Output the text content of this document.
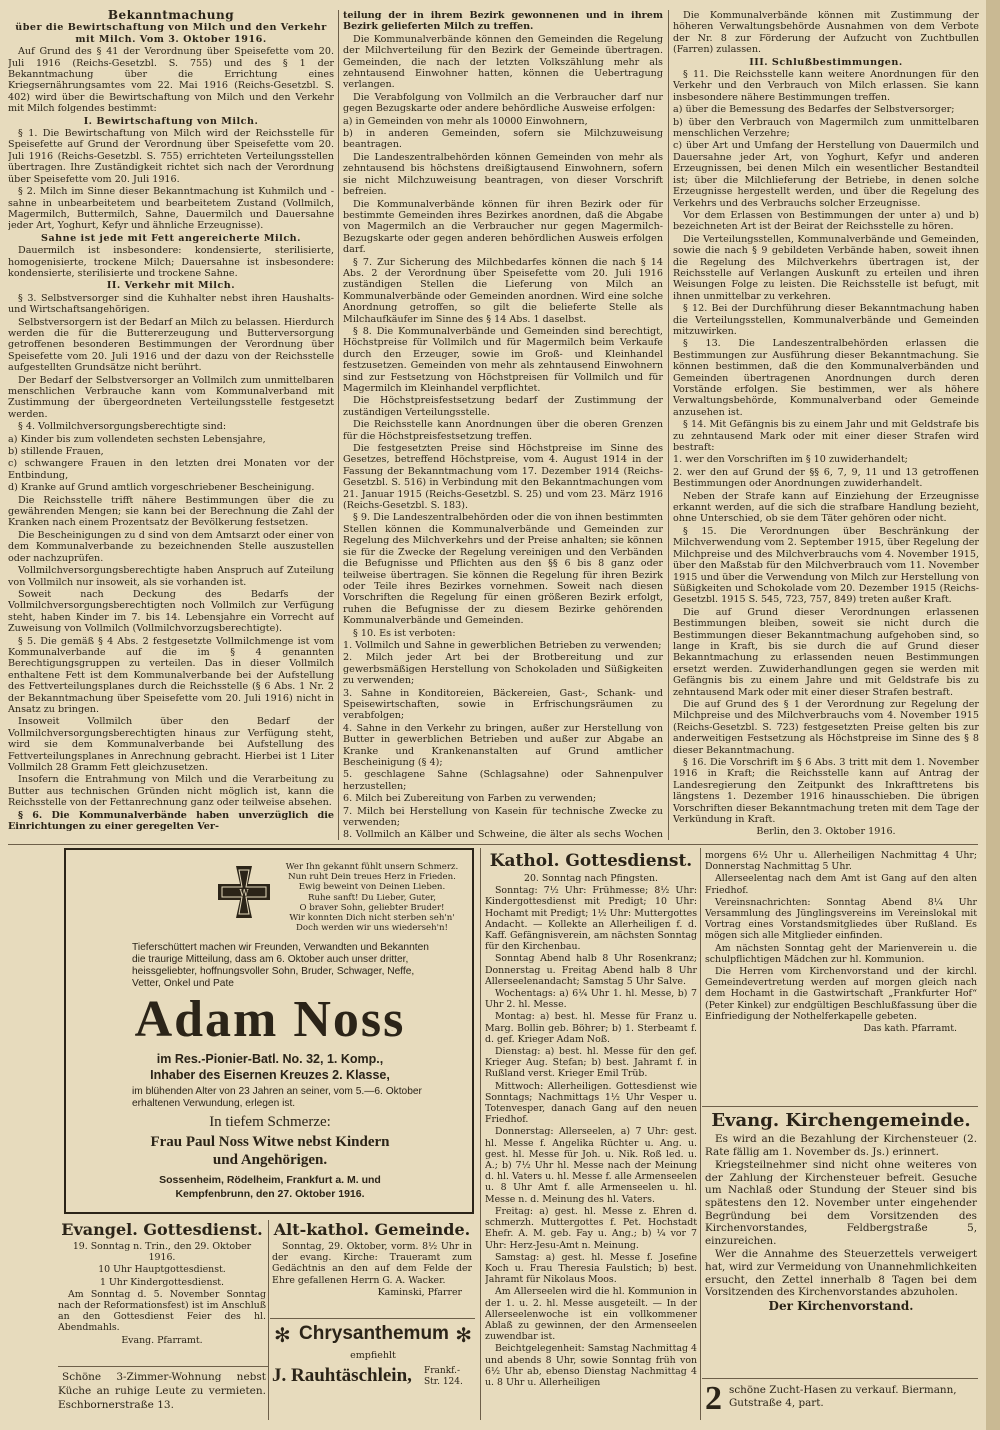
Bekanntmachung

über die Bewirtschaftung von Milch und den Verkehr mit Milch. Vom 3. Oktober 1916.

Auf Grund des § 41 der Verordnung über Speisefette vom 20. Juli 1916 (Reichs-Gesetzbl. S. 755) und des § 1 der Bekanntmachung über die Errichtung eines Kriegsernährungsamtes vom 22. Mai 1916 (Reichs-Gesetzbl. S. 402) wird über die Bewirtschaftung von Milch und den Verkehr mit Milch folgendes bestimmt:

I. Bewirtschaftung von Milch.

§ 1. Die Bewirtschaftung von Milch wird der Reichsstelle für Speisefette auf Grund der Verordnung über Speisefette vom 20. Juli 1916 (Reichs-Gesetzbl. S. 755) errichteten Verteilungsstellen übertragen. Ihre Zuständigkeit richtet sich nach der Verordnung über Speisefette vom 20. Juli 1916.

§ 2. Milch im Sinne dieser Bekanntmachung ist Kuhmilch und -sahne in unbearbeitetem und bearbeitetem Zustand (Vollmilch, Magermilch, Buttermilch, Sahne, Dauermilch und Dauersahne jeder Art, Yoghurt, Kefyr und ähnliche Erzeugnisse).

Sahne ist jede mit Fett angereicherte Milch.

Dauermilch ist insbesondere: kondensierte, sterilisierte, homogenisierte, trockene Milch; Dauersahne ist insbesondere: kondensierte, sterilisierte und trockene Sahne.

II. Verkehr mit Milch.

§ 3. Selbstversorger sind die Kuhhalter nebst ihren Haushalts- und Wirtschaftsangehörigen.

Selbstversorgern ist der Bedarf an Milch zu belassen. Hierdurch werden die für die Buttererzeugung und Butterversorgung getroffenen besonderen Bestimmungen der Verordnung über Speisefette vom 20. Juli 1916 und der dazu von der Reichsstelle aufgestellten Grundsätze nicht berührt.

Der Bedarf der Selbstversorger an Vollmilch zum unmittelbaren menschlichen Verbrauche kann vom Kommunalverband mit Zustimmung der übergeordneten Verteilungsstelle festgesetzt werden.

§ 4. Vollmilchversorgungsberechtigte sind:

a) Kinder bis zum vollendeten sechsten Lebensjahre,

b) stillende Frauen,

c) schwangere Frauen in den letzten drei Monaten vor der Entbindung,

d) Kranke auf Grund amtlich vorgeschriebener Bescheinigung.

Die Reichsstelle trifft nähere Bestimmungen über die zu gewährenden Mengen; sie kann bei der Berechnung die Zahl der Kranken nach einem Prozentsatz der Bevölkerung festsetzen.

Die Bescheinigungen zu d sind von dem Amtsarzt oder einer von dem Kommunalverbande zu bezeichnenden Stelle auszustellen oder nachzuprüfen.

Vollmilchversorgungsberechtigte haben Anspruch auf Zuteilung von Vollmilch nur insoweit, als sie vorhanden ist.

Soweit nach Deckung des Bedarfs der Vollmilchversorgungsberechtigten noch Vollmilch zur Verfügung steht, haben Kinder im 7. bis 14. Lebensjahre ein Vorrecht auf Zuweisung von Vollmilch (Vollmilchvorzugsberechtigte).

§ 5. Die gemäß § 4 Abs. 2 festgesetzte Vollmilchmenge ist vom Kommunalverbande auf die im § 4 genannten Berechtigungsgruppen zu verteilen. Das in dieser Vollmilch enthaltene Fett ist dem Kommunalverbande bei der Aufstellung des Fettverteilungsplanes durch die Reichsstelle (§ 6 Abs. 1 Nr. 2 der Bekanntmachung über Speisefette vom 20. Juli 1916) nicht in Ansatz zu bringen.

Insoweit Vollmilch über den Bedarf der Vollmilchversorgungsberechtigten hinaus zur Verfügung steht, wird sie dem Kommunalverbande bei Aufstellung des Fettverteilungsplanes in Anrechnung gebracht. Hierbei ist 1 Liter Vollmilch 28 Gramm Fett gleichzusetzen.

Insofern die Entrahmung von Milch und die Verarbeitung zu Butter aus technischen Gründen nicht möglich ist, kann die Reichsstelle von der Fettanrechnung ganz oder teilweise absehen.

§ 6. Die Kommunalverbände haben unverzüglich die Einrichtungen zu einer geregelten Ver-

teilung der in ihrem Bezirk gewonnenen und in ihrem Bezirk gelieferten Milch zu treffen.

Die Kommunalverbände können den Gemeinden die Regelung der Milchverteilung für den Bezirk der Gemeinde übertragen. Gemeinden, die nach der letzten Volkszählung mehr als zehntausend Einwohner hatten, können die Uebertragung verlangen.

Die Verabfolgung von Vollmilch an die Verbraucher darf nur gegen Bezugskarte oder andere behördliche Ausweise erfolgen:

a) in Gemeinden von mehr als 10000 Einwohnern,

b) in anderen Gemeinden, sofern sie Milchzuweisung beantragen.

Die Landeszentralbehörden können Gemeinden von mehr als zehntausend bis höchstens dreißigtausend Einwohnern, sofern sie nicht Milchzuweisung beantragen, von dieser Vorschrift befreien.

Die Kommunalverbände können für ihren Bezirk oder für bestimmte Gemeinden ihres Bezirkes anordnen, daß die Abgabe von Magermilch an die Verbraucher nur gegen Magermilch-Bezugskarte oder gegen anderen behördlichen Ausweis erfolgen darf.

§ 7. Zur Sicherung des Milchbedarfes können die nach § 14 Abs. 2 der Verordnung über Speisefette vom 20. Juli 1916 zuständigen Stellen die Lieferung von Milch an Kommunalverbände oder Gemeinden anordnen. Wird eine solche Anordnung getroffen, so gilt die belieferte Stelle als Milchaufkäufer im Sinne des § 14 Abs. 1 daselbst.

§ 8. Die Kommunalverbände und Gemeinden sind berechtigt, Höchstpreise für Vollmilch und für Magermilch beim Verkaufe durch den Erzeuger, sowie im Groß- und Kleinhandel festzusetzen. Gemeinden von mehr als zehntausend Einwohnern sind zur Festsetzung von Höchstpreisen für Vollmilch und für Magermilch im Kleinhandel verpflichtet.

Die Höchstpreisfestsetzung bedarf der Zustimmung der zuständigen Verteilungsstelle.

Die Reichsstelle kann Anordnungen über die oberen Grenzen für die Höchstpreisfestsetzung treffen.

Die festgesetzten Preise sind Höchstpreise im Sinne des Gesetzes, betreffend Höchstpreise, vom 4. August 1914 in der Fassung der Bekanntmachung vom 17. Dezember 1914 (Reichs-Gesetzbl. S. 516) in Verbindung mit den Bekanntmachungen vom 21. Januar 1915 (Reichs-Gesetzbl. S. 25) und vom 23. März 1916 (Reichs-Gesetzbl. S. 183).

§ 9. Die Landeszentralbehörden oder die von ihnen bestimmten Stellen können die Kommunalverbände und Gemeinden zur Regelung des Milchverkehrs und der Preise anhalten; sie können sie für die Zwecke der Regelung vereinigen und den Verbänden die Befugnisse und Pflichten aus den §§ 6 bis 8 ganz oder teilweise übertragen. Sie können die Regelung für ihren Bezirk oder Teile ihres Bezirkes vornehmen. Soweit nach diesen Vorschriften die Regelung für einen größeren Bezirk erfolgt, ruhen die Befugnisse der zu diesem Bezirke gehörenden Kommunalverbände und Gemeinden.

§ 10. Es ist verboten:

1. Vollmilch und Sahne in gewerblichen Betrieben zu verwenden;

2. Milch jeder Art bei der Brotbereitung und zur gewerbsmäßigen Herstellung von Schokoladen und Süßigkeiten zu verwenden;

3. Sahne in Konditoreien, Bäckereien, Gast-, Schank- und Speisewirtschaften, sowie in Erfrischungsräumen zu verabfolgen;

4. Sahne in den Verkehr zu bringen, außer zur Herstellung von Butter in gewerblichen Betrieben und außer zur Abgabe an Kranke und Krankenanstalten auf Grund amtlicher Bescheinigung (§ 4);

5. geschlagene Sahne (Schlagsahne) oder Sahnenpulver herzustellen;

6. Milch bei Zubereitung von Farben zu verwenden;

7. Milch bei Herstellung von Kasein für technische Zwecke zu verwenden;

8. Vollmilch an Kälber und Schweine, die älter als sechs Wochen

Die Kommunalverbände können mit Zustimmung der höheren Verwaltungsbehörde Ausnahmen von dem Verbote der Nr. 8 zur Förderung der Aufzucht von Zuchtbullen (Farren) zulassen.

III. Schlußbestimmungen.

§ 11. Die Reichsstelle kann weitere Anordnungen für den Verkehr und den Verbrauch von Milch erlassen. Sie kann insbesondere nähere Bestimmungen treffen.

a) über die Bemessung des Bedarfes der Selbstversorger;

b) über den Verbrauch von Magermilch zum unmittelbaren menschlichen Verzehre;

c) über Art und Umfang der Herstellung von Dauermilch und Dauersahne jeder Art, von Yoghurt, Kefyr und anderen Erzeugnissen, bei denen Milch ein wesentlicher Bestandteil ist; über die Milchlieferung der Betriebe, in denen solche Erzeugnisse hergestellt werden, und über die Regelung des Verkehrs und des Verbrauchs solcher Erzeugnisse.

Vor dem Erlassen von Bestimmungen der unter a) und b) bezeichneten Art ist der Beirat der Reichsstelle zu hören.

Die Verteilungsstellen, Kommunalverbände und Gemeinden, sowie die nach § 9 gebildeten Verbände haben, soweit ihnen die Regelung des Milchverkehrs übertragen ist, der Reichsstelle auf Verlangen Auskunft zu erteilen und ihren Weisungen Folge zu leisten. Die Reichsstelle ist befugt, mit ihnen unmittelbar zu verkehren.

§ 12. Bei der Durchführung dieser Bekanntmachung haben die Verteilungsstellen, Kommunalverbände und Gemeinden mitzuwirken.

§ 13. Die Landeszentralbehörden erlassen die Bestimmungen zur Ausführung dieser Bekanntmachung. Sie können bestimmen, daß die den Kommunalverbänden und Gemeinden übertragenen Anordnungen durch deren Vorstände erfolgen. Sie bestimmen, wer als höhere Verwaltungsbehörde, Kommunalverband oder Gemeinde anzusehen ist.

§ 14. Mit Gefängnis bis zu einem Jahr und mit Geldstrafe bis zu zehntausend Mark oder mit einer dieser Strafen wird bestraft:

1. wer den Vorschriften im § 10 zuwiderhandelt;

2. wer den auf Grund der §§ 6, 7, 9, 11 und 13 getroffenen Bestimmungen oder Anordnungen zuwiderhandelt.

Neben der Strafe kann auf Einziehung der Erzeugnisse erkannt werden, auf die sich die strafbare Handlung bezieht, ohne Unterschied, ob sie dem Täter gehören oder nicht.

§ 15. Die Verordnungen über Beschränkung der Milchverwendung vom 2. September 1915, über Regelung der Milchpreise und des Milchverbrauchs vom 4. November 1915, über den Maßstab für den Milchverbrauch vom 11. November 1915 und über die Verwendung von Milch zur Herstellung von Süßigkeiten und Schokolade vom 20. Dezember 1915 (Reichs-Gesetzbl. 1915 S. 545, 723, 757, 849) treten außer Kraft.

Die auf Grund dieser Verordnungen erlassenen Bestimmungen bleiben, soweit sie nicht durch die Bestimmungen dieser Bekanntmachung aufgehoben sind, so lange in Kraft, bis sie durch die auf Grund dieser Bekanntmachung zu erlassenden neuen Bestimmungen ersetzt werden. Zuwiderhandlungen gegen sie werden mit Gefängnis bis zu einem Jahre und mit Geldstrafe bis zu zehntausend Mark oder mit einer dieser Strafen bestraft.

Die auf Grund des § 1 der Verordnung zur Regelung der Milchpreise und des Milchverbrauchs vom 4. November 1915 (Reichs-Gesetzbl. S. 723) festgesetzten Preise gelten bis zur anderweitigen Festsetzung als Höchstpreise im Sinne des § 8 dieser Bekanntmachung.

§ 16. Die Vorschrift im § 6 Abs. 3 tritt mit dem 1. November 1916 in Kraft; die Reichsstelle kann auf Antrag der Landesregierung den Zeitpunkt des Inkrafttretens bis längstens 1. Dezember 1916 hinausschieben. Die übrigen Vorschriften dieser Bekanntmachung treten mit dem Tage der Verkündung in Kraft.

Berlin, den 3. Oktober 1916.

W
Wer Ihn gekannt fühlt unsern Schmerz.
Nun ruht Dein treues Herz in Frieden.
Ewig beweint von Deinen Lieben.
Ruhe sanft! Du Lieber, Guter,
O braver Sohn, geliebter Bruder!
Wir konnten Dich nicht sterben seh'n'
Doch werden wir uns wiederseh'n!
Tieferschüttert machen wir Freunden, Verwandten und Bekannten die traurige Mitteilung, dass am 6. Oktober auch unser dritter, heissgeliebter, hoffnungsvoller Sohn, Bruder, Schwager, Neffe, Vetter, Onkel und Pate
Adam Noss
im Res.-Pionier-Batl. No. 32, 1. Komp.,
Inhaber des Eisernen Kreuzes 2. Klasse,
im blühenden Alter von 23 Jahren an seiner, vom 5.—6. Oktober erhaltenen Verwundung, erlegen ist.
In tiefem Schmerze:
Frau Paul Noss Witwe nebst Kindern
und Angehörigen.
Sossenheim, Rödelheim, Frankfurt a. M. und
Kempfenbrunn, den 27. Oktober 1916.

Evangel. Gottesdienst.

19. Sonntag n. Trin., den 29. Oktober 1916.

10 Uhr Hauptgottesdienst.

1 Uhr Kindergottesdienst.

Am Sonntag d. 5. November Sonntag nach der Reformationsfest) ist im Anschluß an den Gottesdienst Feier des hl. Abendmahls.

Evang. Pfarramt.

Alt-kathol. Gemeinde.

Sonntag, 29. Oktober, vorm. 8½ Uhr in der evang. Kirche: Traueramt zum Gedächtnis an den auf dem Felde der Ehre gefallenen Herrn G. A. Wacker.

Kaminski, Pfarrer

Schöne 3-Zimmer-Wohnung nebst Küche an ruhige Leute zu vermieten. Eschbornerstraße 13.

✻ Chrysanthemum ✻
empfiehlt
J. Rauhtäschlein,	Frankf.-Str. 124.

Kathol. Gottesdienst.

20. Sonntag nach Pfingsten.

Sonntag: 7½ Uhr: Frühmesse; 8½ Uhr: Kindergottesdienst mit Predigt; 10 Uhr: Hochamt mit Predigt; 1½ Uhr: Muttergottes Andacht. — Kollekte an Allerheiligen f. d. Kaff. Gefängnisverein, am nächsten Sonntag für den Kirchenbau.

Sonntag Abend halb 8 Uhr Rosenkranz; Donnerstag u. Freitag Abend halb 8 Uhr Allerseelenandacht; Samstag 5 Uhr Salve.

Wochentags: a) 6¼ Uhr 1. hl. Messe, b) 7 Uhr 2. hl. Messe.

Montag: a) best. hl. Messe für Franz u. Marg. Bollin geb. Böhrer; b) 1. Sterbeamt f. d. gef. Krieger Adam Noß.

Dienstag: a) best. hl. Messe für den gef. Krieger Aug. Stefan; b) best. Jahramt f. in Rußland verst. Krieger Emil Trüb.

Mittwoch: Allerheiligen. Gottesdienst wie Sonntags; Nachmittags 1½ Uhr Vesper u. Totenvesper, danach Gang auf den neuen Friedhof.

Donnerstag: Allerseelen, a) 7 Uhr: gest. hl. Messe f. Angelika Rüchter u. Ang. u. gest. hl. Messe für Joh. u. Nik. Roß led. u. A.; b) 7½ Uhr hl. Messe nach der Meinung d. hl. Vaters u. hl. Messe f. alle Armenseelen u. 8 Uhr Amt f. alle Armenseelen u. hl. Messe n. d. Meinung des hl. Vaters.

Freitag: a) gest. hl. Messe z. Ehren d. schmerzh. Muttergottes f. Pet. Hochstadt Ehefr. A. M. geb. Fay u. Ang.; b) ¼ vor 7 Uhr: Herz-Jesu-Amt n. Meinung.

Samstag: a) gest. hl. Messe f. Josefine Koch u. Frau Theresia Faulstich; b) best. Jahramt für Nikolaus Moos.

Am Allerseelen wird die hl. Kommunion in der 1. u. 2. hl. Messe ausgeteilt. — In der Allerseelenwoche ist ein vollkommener Ablaß zu gewinnen, der den Armenseelen zuwendbar ist.

Beichtgelegenheit: Samstag Nachmittag 4 und abends 8 Uhr, sowie Sonntag früh von 6½ Uhr ab, ebenso Dienstag Nachmittag 4 u. 8 Uhr u. Allerheiligen

morgens 6½ Uhr u. Allerheiligen Nachmittag 4 Uhr; Donnerstag Nachmittag 5 Uhr.

Allerseelentag nach dem Amt ist Gang auf den alten Friedhof.

Vereinsnachrichten: Sonntag Abend 8¼ Uhr Versammlung des Jünglingsvereins im Vereinslokal mit Vortrag eines Vorstandsmitgliedes über Rußland. Es mögen sich alle Mitglieder einfinden.

Am nächsten Sonntag geht der Marienverein u. die schulpflichtigen Mädchen zur hl. Kommunion.

Die Herren vom Kirchenvorstand und der kirchl. Gemeindevertretung werden auf morgen gleich nach dem Hochamt in die Gastwirtschaft „Frankfurter Hof“ (Peter Kinkel) zur endgültigen Beschlußfassung über die Einfriedigung der Nothelferkapelle gebeten.

Das kath. Pfarramt.

Evang. Kirchengemeinde.

Es wird an die Bezahlung der Kirchensteuer (2. Rate fällig am 1. November ds. Js.) erinnert.

Kriegsteilnehmer sind nicht ohne weiteres von der Zahlung der Kirchensteuer befreit. Gesuche um Nachlaß oder Stundung der Steuer sind bis spätestens den 12. November unter eingehender Begründung bei dem Vorsitzenden des Kirchenvorstandes, Feldbergstraße 5, einzureichen.

Wer die Annahme des Steuerzettels verweigert hat, wird zur Vermeidung von Unannehmlichkeiten ersucht, den Zettel innerhalb 8 Tagen bei dem Vorsitzenden des Kirchenvorstandes abzuholen.

Der Kirchenvorstand.

2 schöne Zucht-Hasen zu verkauf. Biermann, Gutstraße 4, part.
